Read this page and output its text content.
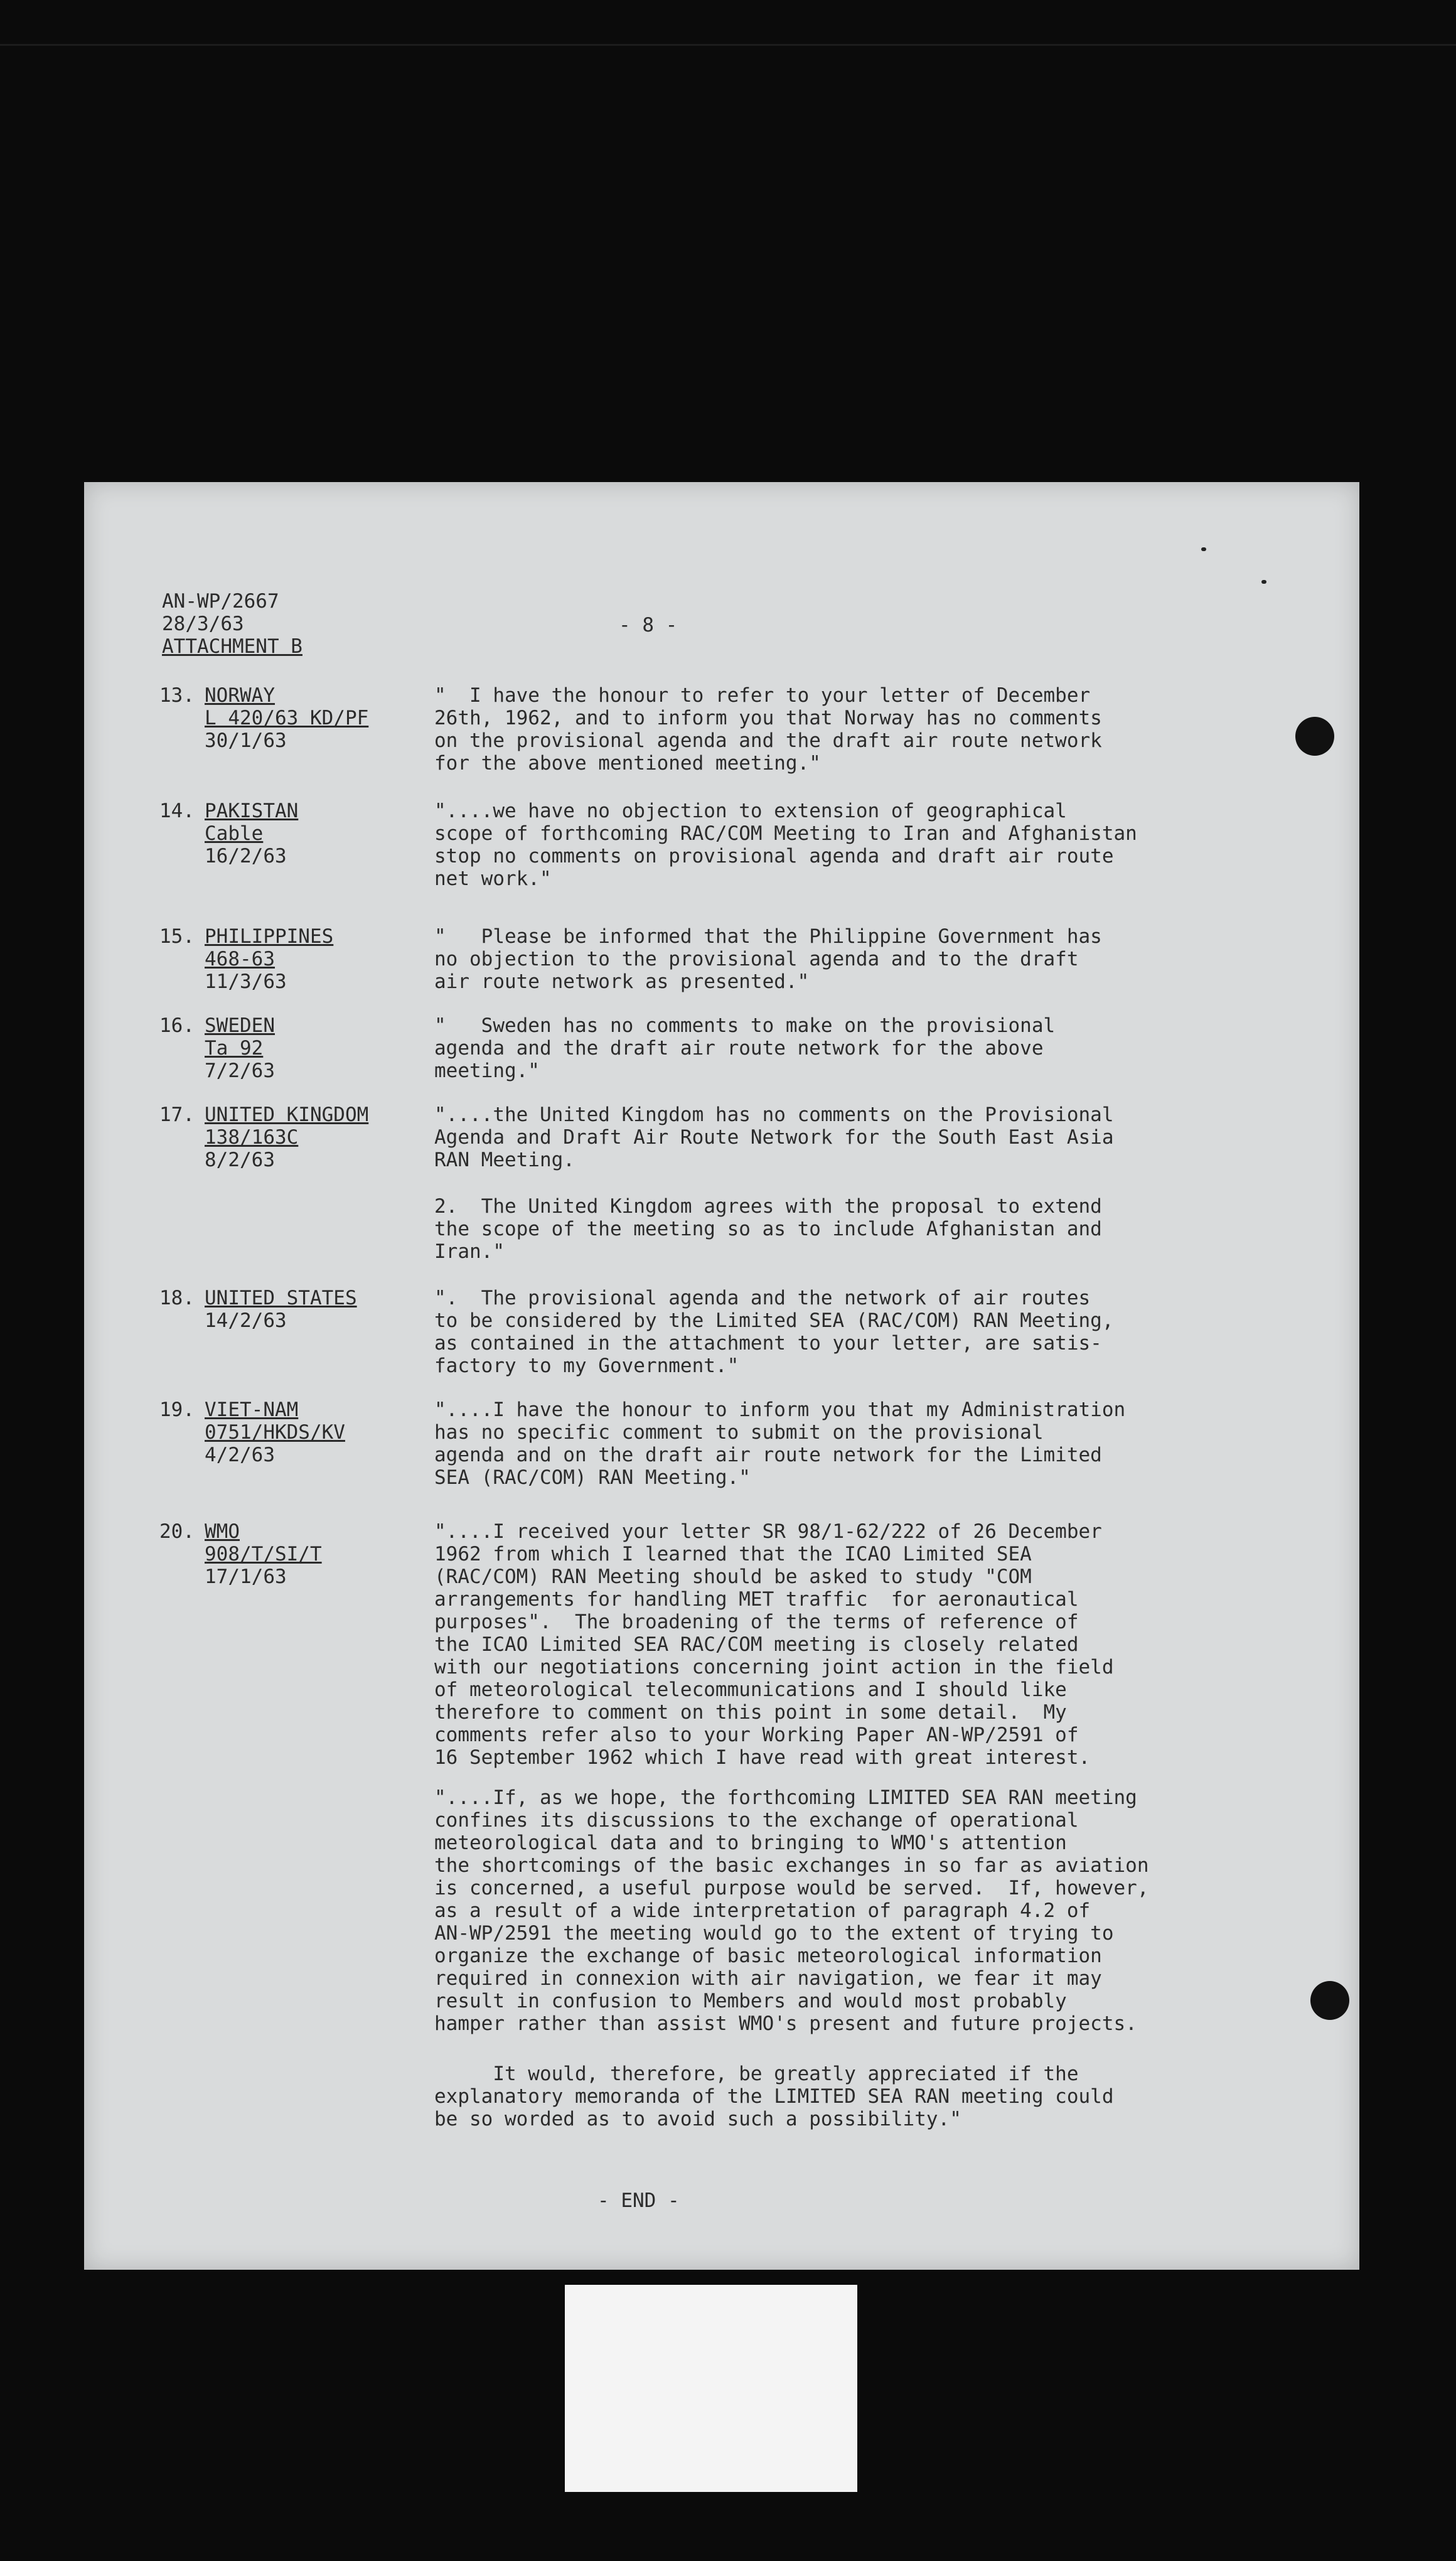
AN-WP/2667
28/3/63
ATTACHMENT B
- 8 -
13. NORWAY
L 420/63 KD/PF
30/1/63
"  I have the honour to refer to your letter of December
26th, 1962, and to inform you that Norway has no comments
on the provisional agenda and the draft air route network
for the above mentioned meeting."
14. PAKISTAN
Cable
16/2/63
"....we have no objection to extension of geographical
scope of forthcoming RAC/COM Meeting to Iran and Afghanistan
stop no comments on provisional agenda and draft air route
net work."
15. PHILIPPINES
468-63
11/3/63
"   Please be informed that the Philippine Government has
no objection to the provisional agenda and to the draft
air route network as presented."
16. SWEDEN
Ta 92
7/2/63
"   Sweden has no comments to make on the provisional
agenda and the draft air route network for the above
meeting."
17. UNITED KINGDOM
138/163C
8/2/63
"....the United Kingdom has no comments on the Provisional
Agenda and Draft Air Route Network for the South East Asia
RAN Meeting.
2.  The United Kingdom agrees with the proposal to extend
the scope of the meeting so as to include Afghanistan and
Iran."
18. UNITED STATES
14/2/63
".  The provisional agenda and the network of air routes
to be considered by the Limited SEA (RAC/COM) RAN Meeting,
as contained in the attachment to your letter, are satis-
factory to my Government."
19. VIET-NAM
0751/HKDS/KV
4/2/63
"....I have the honour to inform you that my Administration
has no specific comment to submit on the provisional
agenda and on the draft air route network for the Limited
SEA (RAC/COM) RAN Meeting."
20. WMO
908/T/SI/T
17/1/63
"....I received your letter SR 98/1-62/222 of 26 December
1962 from which I learned that the ICAO Limited SEA
(RAC/COM) RAN Meeting should be asked to study "COM
arrangements for handling MET traffic  for aeronautical
purposes".  The broadening of the terms of reference of
the ICAO Limited SEA RAC/COM meeting is closely related
with our negotiations concerning joint action in the field
of meteorological telecommunications and I should like
therefore to comment on this point in some detail.  My
comments refer also to your Working Paper AN-WP/2591 of
16 September 1962 which I have read with great interest.
"....If, as we hope, the forthcoming LIMITED SEA RAN meeting
confines its discussions to the exchange of operational
meteorological data and to bringing to WMO's attention
the shortcomings of the basic exchanges in so far as aviation
is concerned, a useful purpose would be served.  If, however,
as a result of a wide interpretation of paragraph 4.2 of
AN-WP/2591 the meeting would go to the extent of trying to
organize the exchange of basic meteorological information
required in connexion with air navigation, we fear it may
result in confusion to Members and would most probably
hamper rather than assist WMO's present and future projects.
It would, therefore, be greatly appreciated if the
explanatory memoranda of the LIMITED SEA RAN meeting could
be so worded as to avoid such a possibility."
- END -
